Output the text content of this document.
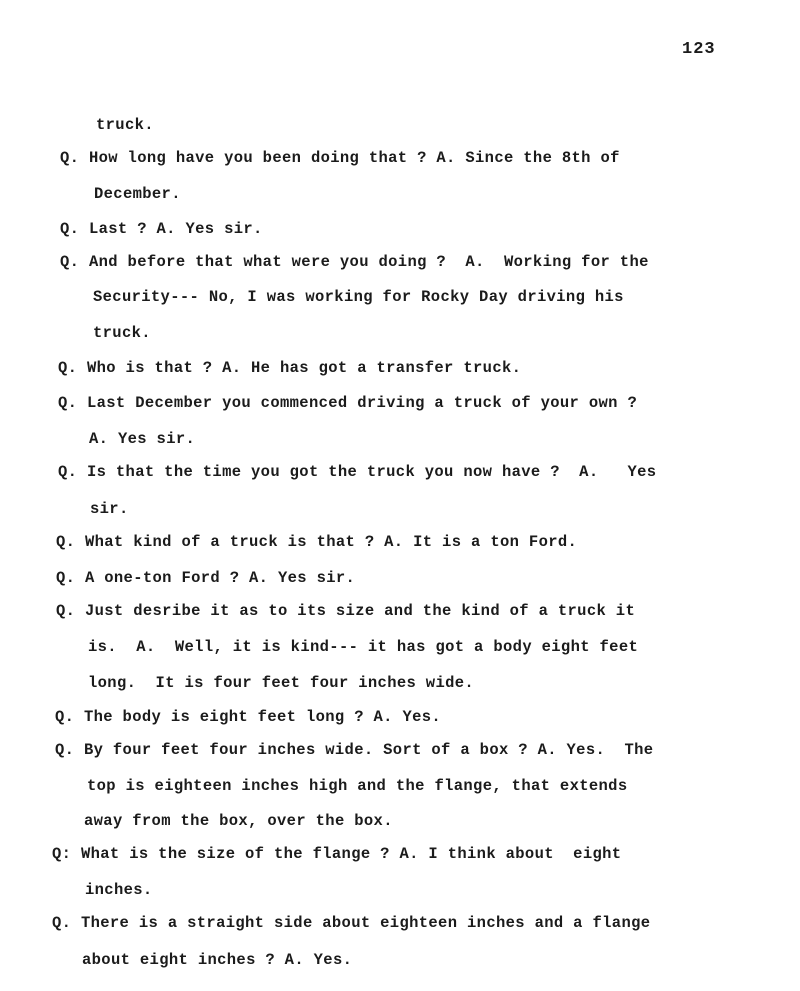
123
truck.
Q. How long have you been doing that ? A. Since the 8th of
December.
Q. Last ? A. Yes sir.
Q. And before that what were you doing ?  A.  Working for the
Security--- No, I was working for Rocky Day driving his
truck.
Q. Who is that ? A. He has got a transfer truck.
Q. Last December you commenced driving a truck of your own ?
A. Yes sir.
Q. Is that the time you got the truck you now have ?  A.   Yes
sir.
Q. What kind of a truck is that ? A. It is a ton Ford.
Q. A one-ton Ford ? A. Yes sir.
Q. Just desribe it as to its size and the kind of a truck it
is.  A.  Well, it is kind--- it has got a body eight feet
long.  It is four feet four inches wide.
Q. The body is eight feet long ? A. Yes.
Q. By four feet four inches wide. Sort of a box ? A. Yes.  The
top is eighteen inches high and the flange, that extends
away from the box, over the box.
Q: What is the size of the flange ? A. I think about  eight
inches.
Q. There is a straight side about eighteen inches and a flange
about eight inches ? A. Yes.
